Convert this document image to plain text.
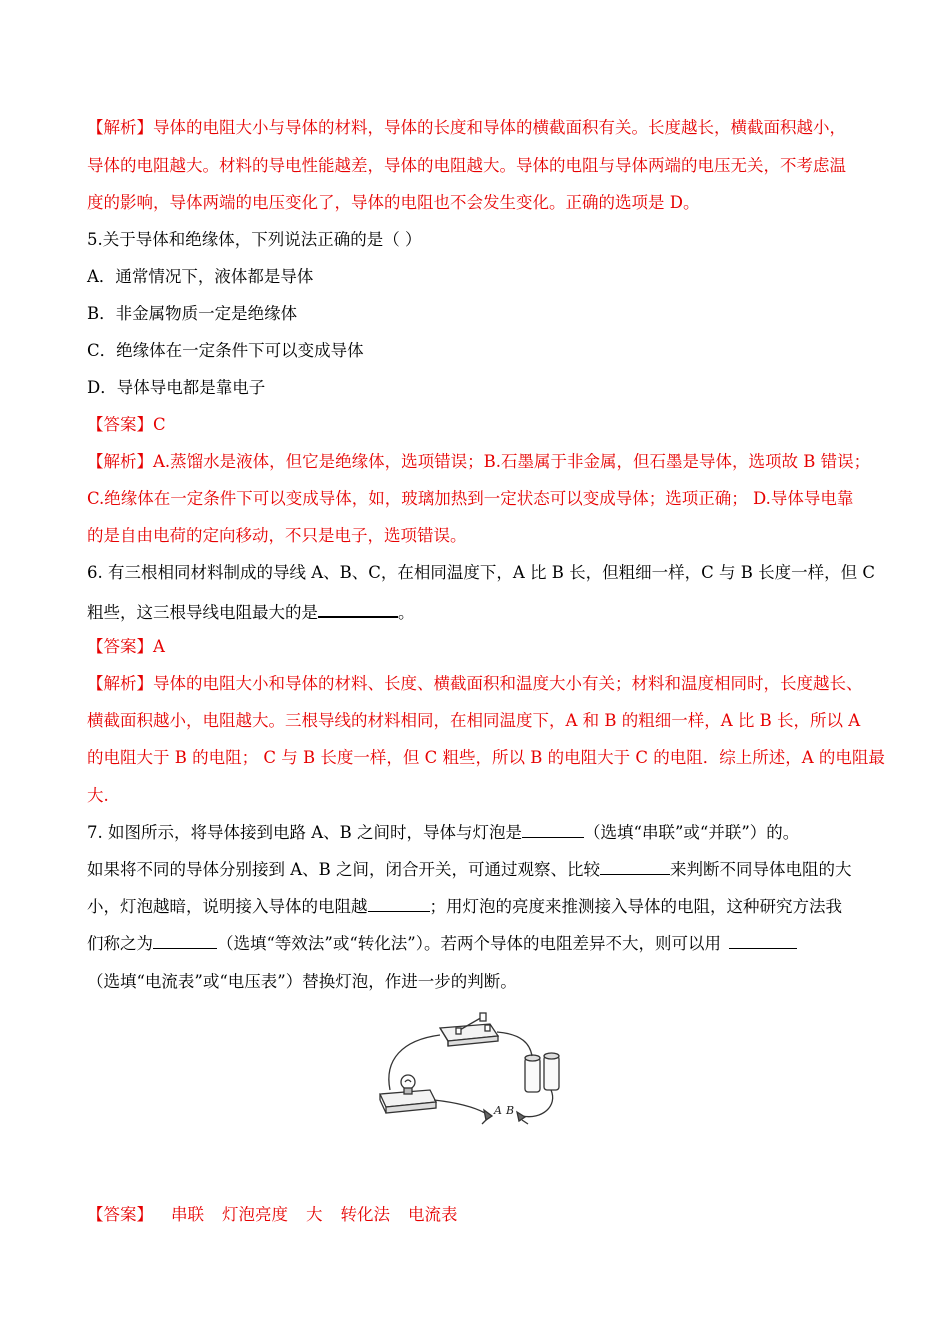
【解析】导体的电阻大小与导体的材料，导体的长度和导体的横截面积有关。长度越长，横截面积越小，
导体的电阻越大。材料的导电性能越差，导体的电阻越大。导体的电阻与导体两端的电压无关，不考虑温
度的影响，导体两端的电压变化了，导体的电阻也不会发生变化。正确的选项是 D。
5.关于导体和绝缘体，下列说法正确的是（ ）
A．通常情况下，液体都是导体
B．非金属物质一定是绝缘体
C．绝缘体在一定条件下可以变成导体
D．导体导电都是靠电子
【答案】C
【解析】A.蒸馏水是液体，但它是绝缘体，选项错误；B.石墨属于非金属，但石墨是导体，选项故 B 错误；
C.绝缘体在一定条件下可以变成导体，如，玻璃加热到一定状态可以变成导体；选项正确； D.导体导电靠
的是自由电荷的定向移动，不只是电子，选项错误。
6. 有三根相同材料制成的导线 A、B、C，在相同温度下，A 比 B 长，但粗细一样，C 与 B 长度一样，但 C
粗些，这三根导线电阻最大的是	。
【答案】A
【解析】导体的电阻大小和导体的材料、长度、横截面积和温度大小有关；材料和温度相同时，长度越长、
横截面积越小，电阻越大。三根导线的材料相同，在相同温度下，A 和 B 的粗细一样，A 比 B 长，所以 A
的电阻大于 B 的电阻； C 与 B 长度一样，但 C 粗些，所以 B 的电阻大于 C 的电阻．综上所述，A 的电阻最
大.
7. 如图所示，将导体接到电路 A、B 之间时，导体与灯泡是	（选填“串联”或“并联”）的。
如果将不同的导体分别接到 A、B 之间，闭合开关，可通过观察、比较	来判断不同导体电阻的大
小，灯泡越暗，说明接入导体的电阻越	；用灯泡的亮度来推测接入导体的电阻，这种研究方法我
们称之为	（选填“等效法”或“转化法”）。若两个导体的电阻差异不大，则可以用
（选填“电流表”或“电压表”）替换灯泡，作进一步的判断。
A B
【答案】 串联 灯泡亮度 大 转化法 电流表
